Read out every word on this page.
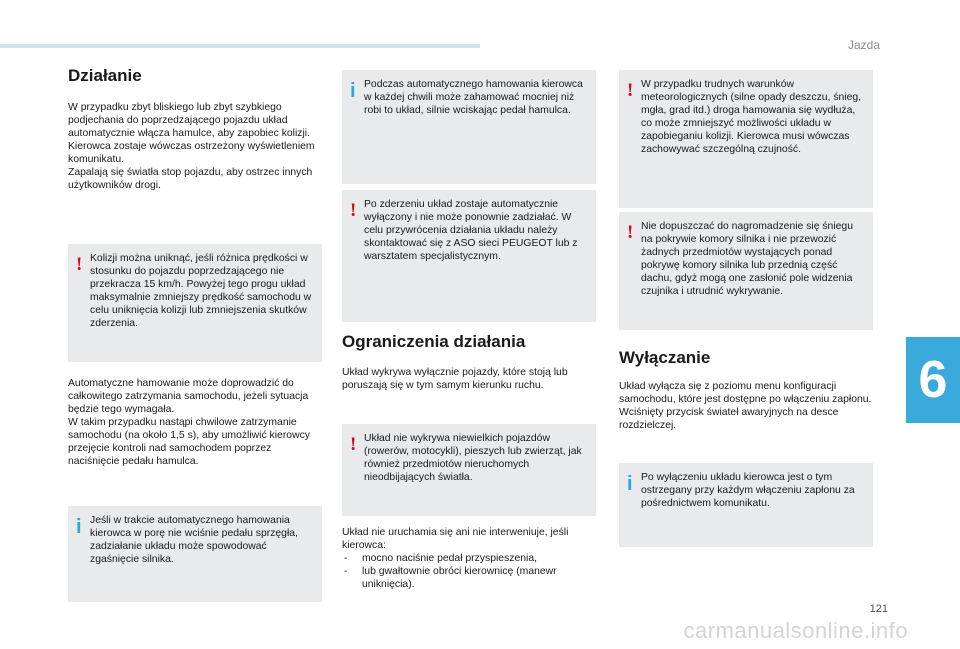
Jazda
6
Działanie

W przypadku zbyt bliskiego lub zbyt szybkiego podjechania do poprzedzającego pojazdu układ automatycznie włącza hamulce, aby zapobiec kolizji.

Kierowca zostaje wówczas ostrzeżony wyświetleniem komunikatu.

Zapalają się światła stop pojazdu, aby ostrzec innych użytkowników drogi.

! Kolizji można uniknąć, jeśli różnica prędkości w stosunku do pojazdu poprzedzającego nie przekracza 15 km/h. Powyżej tego progu układ maksymalnie zmniejszy prędkość samochodu w celu uniknięcia kolizji lub zmniejszenia skutków zderzenia.

Automatyczne hamowanie może doprowadzić do całkowitego zatrzymania samochodu, jeżeli sytuacja będzie tego wymagała.

W takim przypadku nastąpi chwilowe zatrzymanie samochodu (na około 1,5 s), aby umożliwić kierowcy przejęcie kontroli nad samochodem poprzez naciśnięcie pedału hamulca.

i Jeśli w trakcie automatycznego hamowania kierowca w porę nie wciśnie pedału sprzęgła, zadziałanie układu może spowodować zgaśnięcie silnika.
i Podczas automatycznego hamowania kierowca w każdej chwili może zahamować mocniej niż robi to układ, silnie wciskając pedał hamulca.
! Po zderzeniu układ zostaje automatycznie wyłączony i nie może ponownie zadziałać. W celu przywrócenia działania układu należy skontaktować się z ASO sieci PEUGEOT lub z warsztatem specjalistycznym.
Ograniczenia działania
Układ wykrywa wyłącznie pojazdy, które stoją lub poruszają się w tym samym kierunku ruchu.
! Układ nie wykrywa niewielkich pojazdów (rowerów, motocykli), pieszych lub zwierząt, jak również przedmiotów nieruchomych nieodbijających światła.

Układ nie uruchamia się ani nie interweniuje, jeśli kierowca:

- mocno naciśnie pedał przyspieszenia,
- lub gwałtownie obróci kierownicę (manewr uniknięcia).
! W przypadku trudnych warunków meteorologicznych (silne opady deszczu, śnieg, mgła, grad itd.) droga hamowania się wydłuża, co może zmniejszyć możliwości układu w zapobieganiu kolizji. Kierowca musi wówczas zachowywać szczególną czujność.
! Nie dopuszczać do nagromadzenie się śniegu na pokrywie komory silnika i nie przewozić żadnych przedmiotów wystających ponad pokrywę komory silnika lub przednią część dachu, gdyż mogą one zasłonić pole widzenia czujnika i utrudnić wykrywanie.
Wyłączanie

Układ wyłącza się z poziomu menu konfiguracji samochodu, które jest dostępne po włączeniu zapłonu.

Wciśnięty przycisk świateł awaryjnych na desce rozdzielczej.

i Po wyłączeniu układu kierowca jest o tym ostrzegany przy każdym włączeniu zapłonu za pośrednictwem komunikatu.
121
carmanualsonline.info
